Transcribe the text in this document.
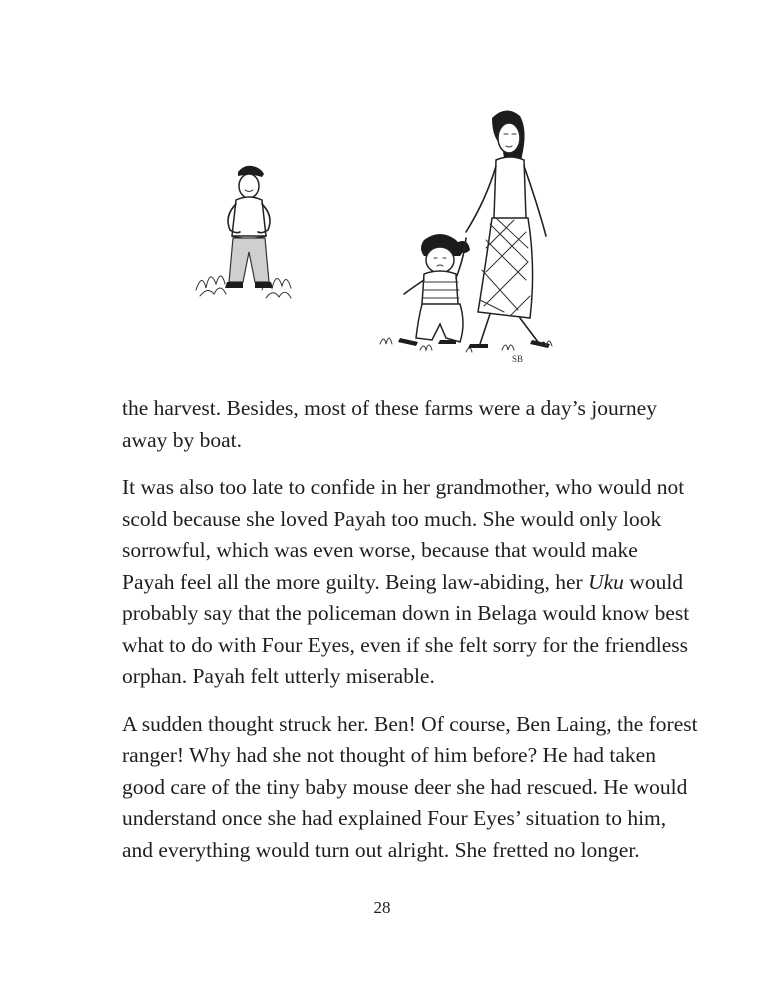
SB

the harvest. Besides, most of these farms were a day’s journey
away by boat.

It was also too late to confide in her grandmother, who would not
scold because she loved Payah too much. She would only look
sorrowful, which was even worse, because that would make
Payah feel all the more guilty. Being law-abiding, her Uku would
probably say that the policeman down in Belaga would know best
what to do with Four Eyes, even if she felt sorry for the friendless
orphan. Payah felt utterly miserable.

A sudden thought struck her. Ben! Of course, Ben Laing, the forest
ranger! Why had she not thought of him before? He had taken
good care of the tiny baby mouse deer she had rescued. He would
understand once she had explained Four Eyes’ situation to him,
and everything would turn out alright. She fretted no longer.

28
